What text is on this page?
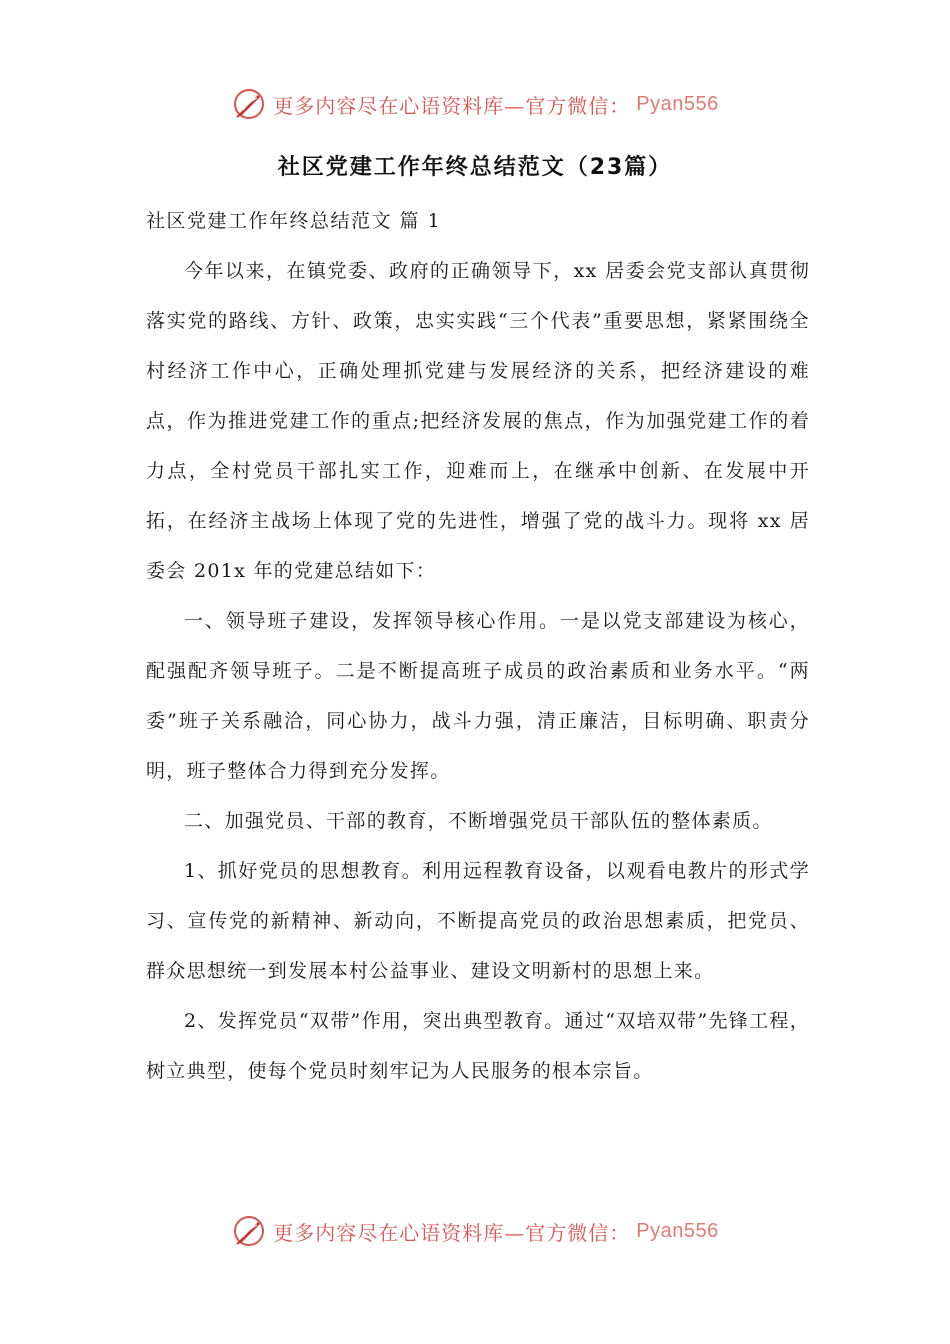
更多内容尽在心语资料库—官方微信： Pyan556
社区党建工作年终总结范文（23篇）
社区党建工作年终总结范文 篇 1

今年以来，在镇党委、政府的正确领导下，xx 居委会党支部认真贯彻落实党的路线、方针、政策，忠实实践“三个代表”重要思想，紧紧围绕全村经济工作中心，正确处理抓党建与发展经济的关系，把经济建设的难点，作为推进党建工作的重点;把经济发展的焦点，作为加强党建工作的着力点，全村党员干部扎实工作，迎难而上，在继承中创新、在发展中开拓，在经济主战场上体现了党的先进性，增强了党的战斗力。现将 xx 居委会 201x 年的党建总结如下：

一、领导班子建设，发挥领导核心作用。一是以党支部建设为核心，配强配齐领导班子。二是不断提高班子成员的政治素质和业务水平。“两委”班子关系融洽，同心协力，战斗力强，清正廉洁，目标明确、职责分明，班子整体合力得到充分发挥。

二、加强党员、干部的教育，不断增强党员干部队伍的整体素质。

1、抓好党员的思想教育。利用远程教育设备，以观看电教片的形式学习、宣传党的新精神、新动向，不断提高党员的政治思想素质，把党员、群众思想统一到发展本村公益事业、建设文明新村的思想上来。

2、发挥党员“双带”作用，突出典型教育。通过“双培双带”先锋工程，树立典型，使每个党员时刻牢记为人民服务的根本宗旨。

更多内容尽在心语资料库—官方微信： Pyan556
